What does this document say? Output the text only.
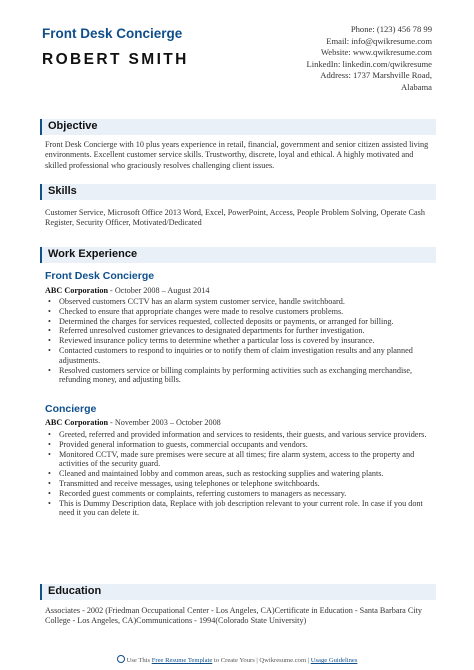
Front Desk Concierge
ROBERT SMITH
Phone: (123) 456 78 99
Email: info@qwikresume.com
Website: www.qwikresume.com
LinkedIn: linkedin.com/qwikresume
Address: 1737 Marshville Road,
Alabama
Objective
Front Desk Concierge with 10 plus years experience in retail, financial, government and senior citizen assisted living environments. Excellent customer service skills. Trustworthy, discrete, loyal and ethical. A highly motivated and skilled professional who graciously resolves challenging client issues.
Skills
Customer Service, Microsoft Office 2013 Word, Excel, PowerPoint, Access, People Problem Solving, Operate Cash Register, Security Officer, Motivated/Dedicated
Work Experience
Front Desk Concierge
ABC Corporation - October 2008 – August 2014
• Observed customers CCTV has an alarm system customer service, handle switchboard.
• Checked to ensure that appropriate changes were made to resolve customers problems.
• Determined the charges for services requested, collected deposits or payments, or arranged for billing.
• Referred unresolved customer grievances to designated departments for further investigation.
• Reviewed insurance policy terms to determine whether a particular loss is covered by insurance.
• Contacted customers to respond to inquiries or to notify them of claim investigation results and any planned adjustments.
• Resolved customers service or billing complaints by performing activities such as exchanging merchandise, refunding money, and adjusting bills.
Concierge
ABC Corporation - November 2003 – October 2008
• Greeted, referred and provided information and services to residents, their guests, and various service providers.
• Provided general information to guests, commercial occupants and vendors.
• Monitored CCTV, made sure premises were secure at all times; fire alarm system, access to the property and activities of the security guard.
• Cleaned and maintained lobby and common areas, such as restocking supplies and watering plants.
• Transmitted and receive messages, using telephones or telephone switchboards.
• Recorded guest comments or complaints, referring customers to managers as necessary.
• This is Dummy Description data, Replace with job description relevant to your current role. In case if you dont need it you can delete it.
Education
Associates - 2002 (Friedman Occupational Center - Los Angeles, CA)Certificate in Education - Santa Barbara City College - Los Angeles, CA)Communications - 1994(Colorado State University)
Use This Free Resume Template to Create Yours | Qwikresume.com | Usage Guidelines
